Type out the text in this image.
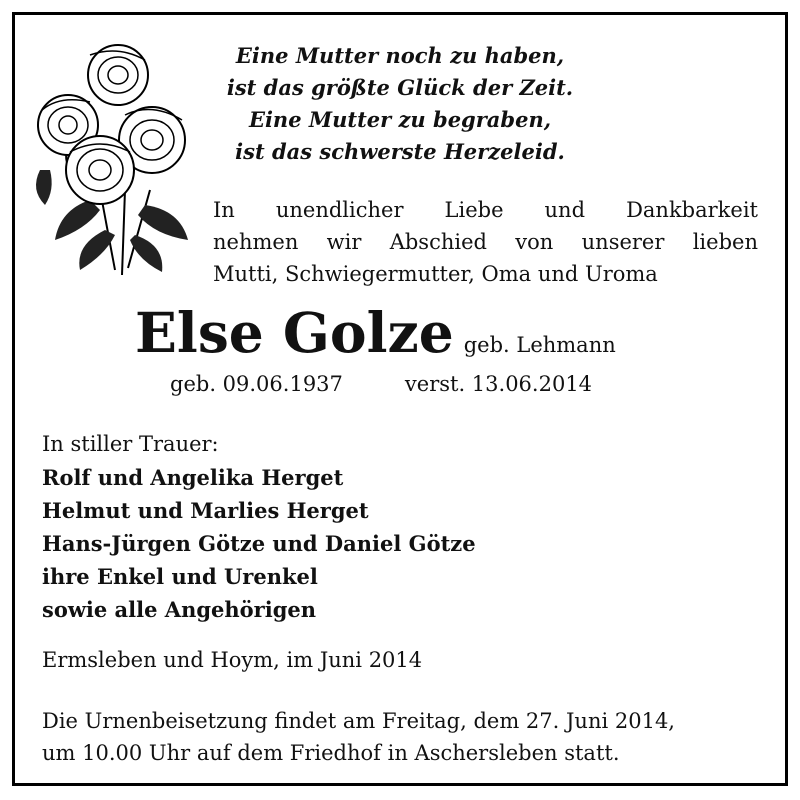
Eine Mutter noch zu haben,
ist das größte Glück der Zeit.
Eine Mutter zu begraben,
ist das schwerste Herzeleid.
In unendlicher Liebe und Dankbarkeit
nehmen wir Abschied von unserer lieben
Mutti, Schwiegermutter, Oma und Uroma
Else Golze geb. Lehmann
geb. 09.06.1937	verst. 13.06.2014
In stiller Trauer:
Rolf und Angelika Herget
Helmut und Marlies Herget
Hans-Jürgen Götze und Daniel Götze
ihre Enkel und Urenkel
sowie alle Angehörigen
Ermsleben und Hoym, im Juni 2014
Die Urnenbeisetzung findet am Freitag, dem 27. Juni 2014,
um 10.00 Uhr auf dem Friedhof in Aschersleben statt.
